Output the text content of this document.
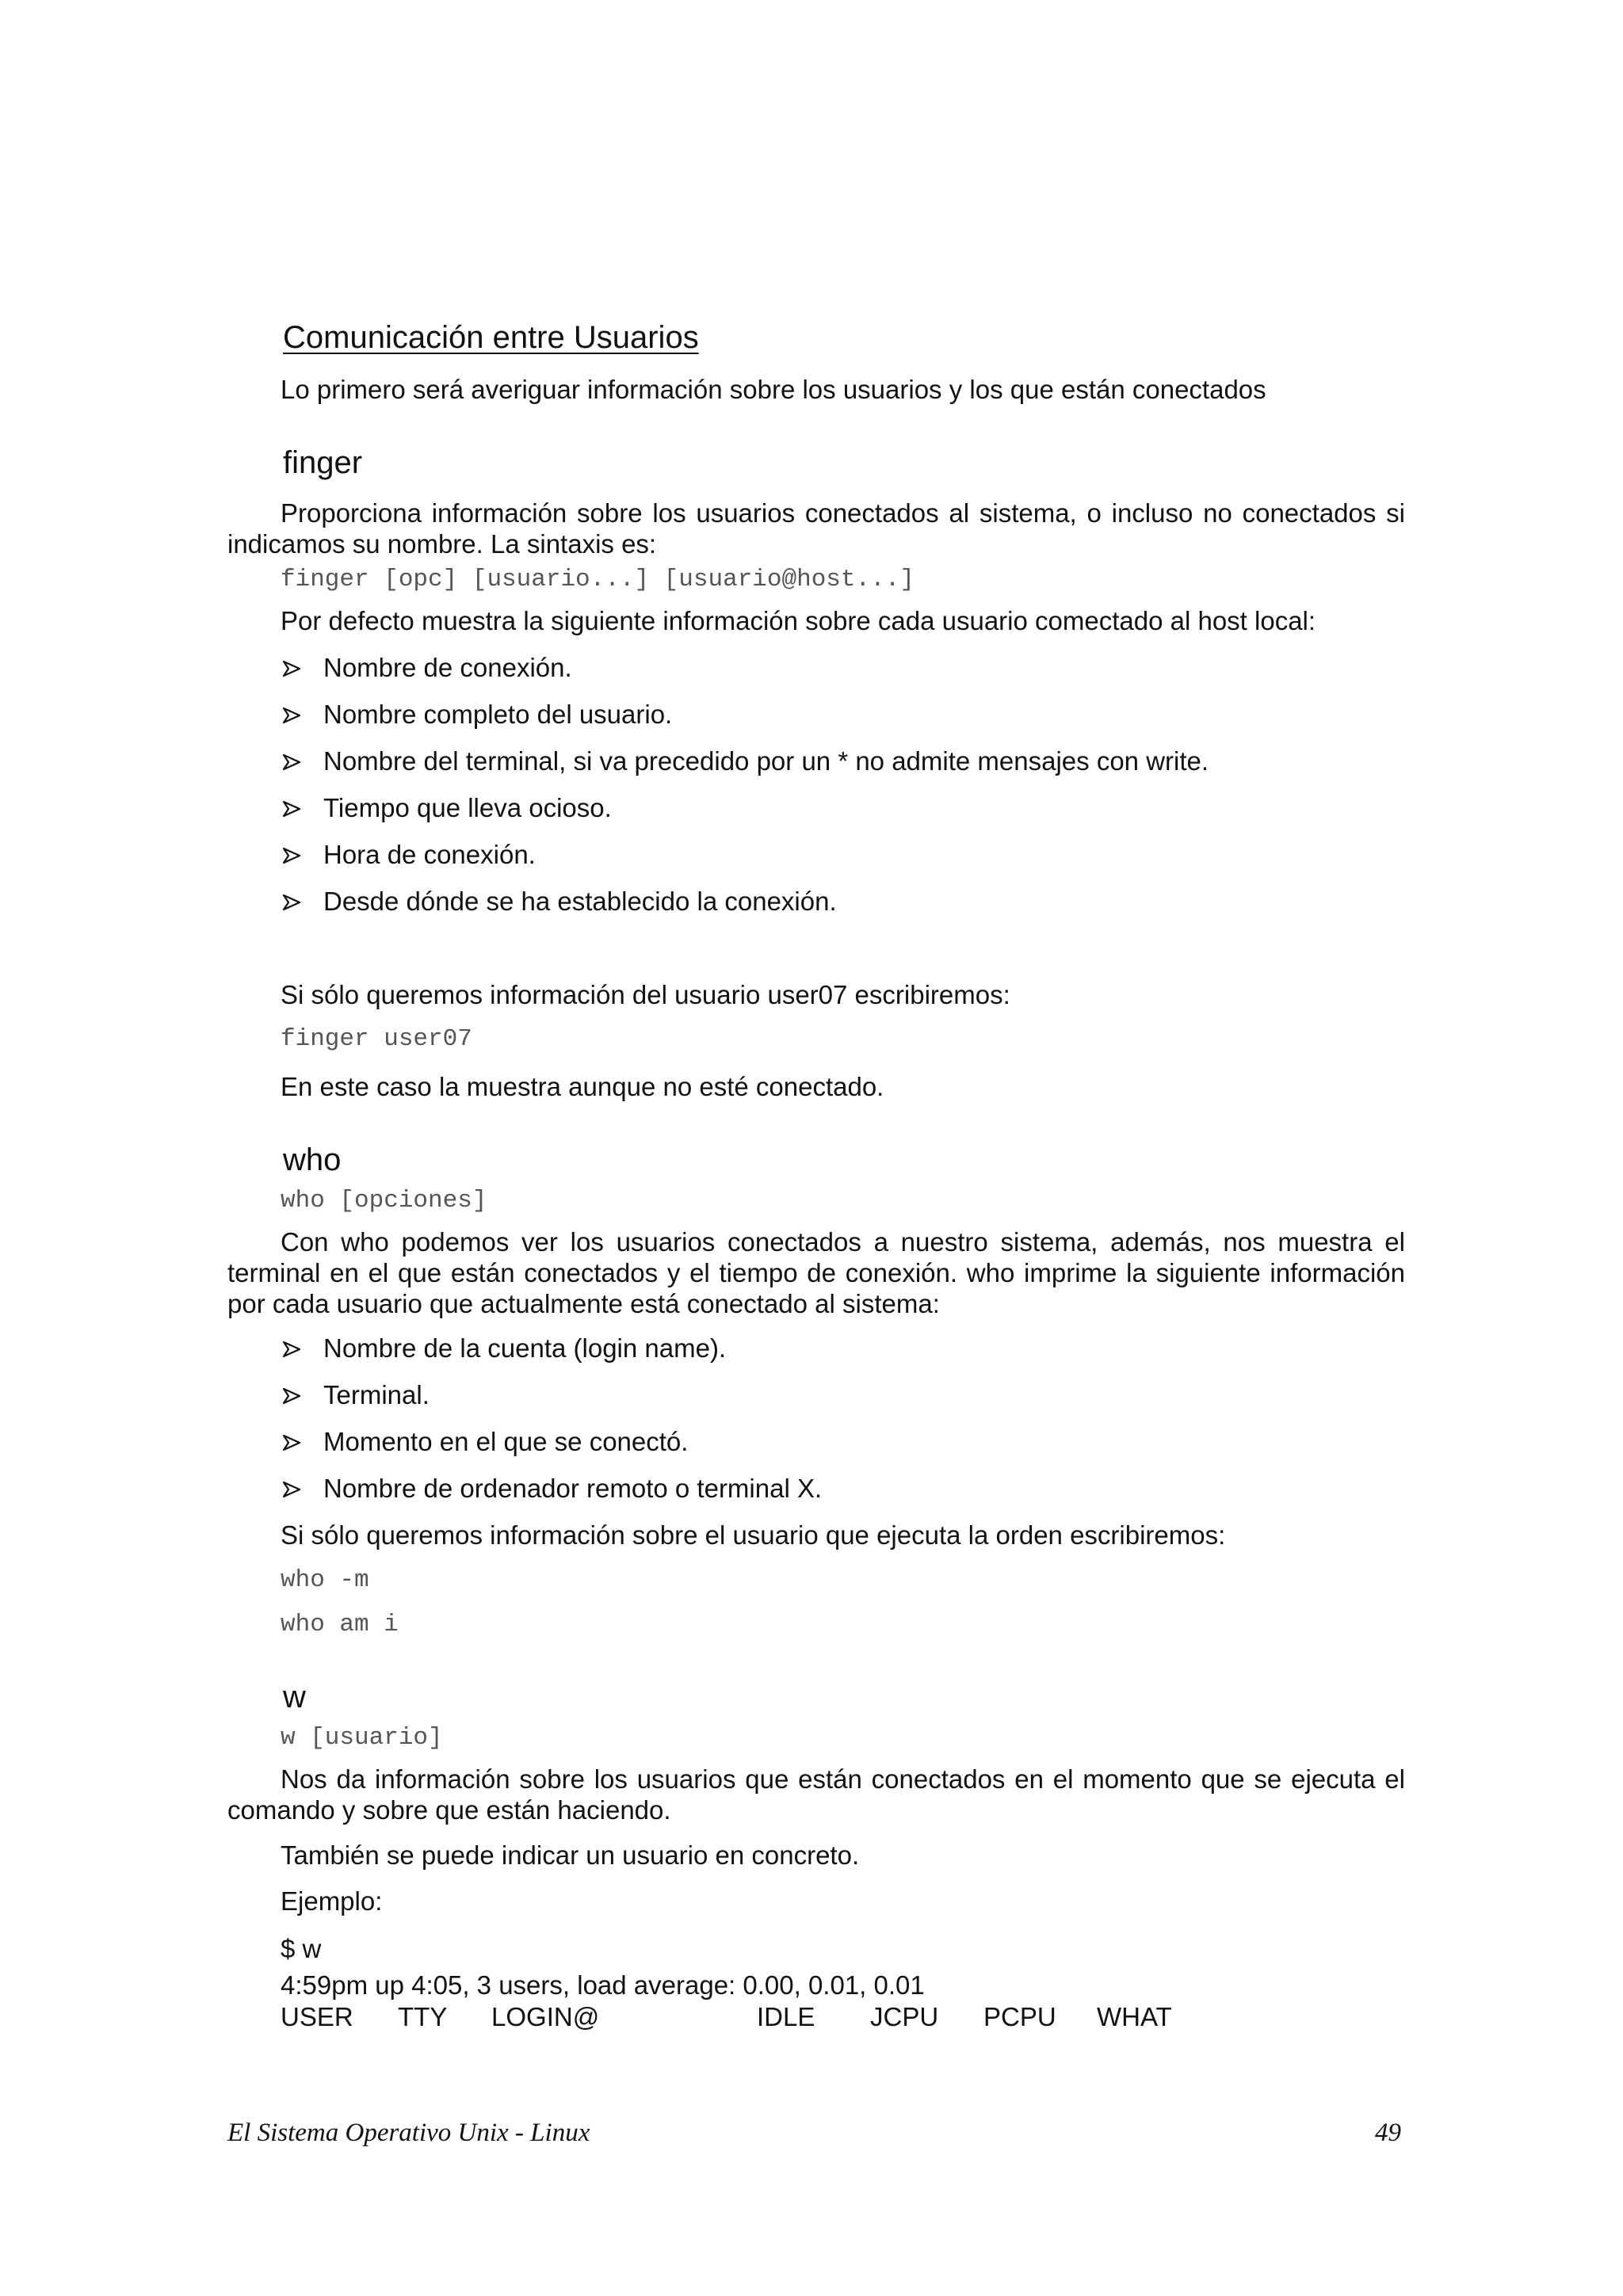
Comunicación entre Usuarios
Lo primero será averiguar información sobre los usuarios y los que están conectados
finger
Proporciona información sobre los usuarios conectados al sistema, o incluso no conectados si indicamos su nombre. La sintaxis es:
finger [opc] [usuario...] [usuario@host...]
Por defecto muestra la siguiente información sobre cada usuario comectado al host local:
Nombre de conexión.
Nombre completo del usuario.
Nombre del terminal, si va precedido por un * no admite mensajes con write.
Tiempo que lleva ocioso.
Hora de conexión.
Desde dónde se ha establecido la conexión.
Si sólo queremos información del usuario user07 escribiremos:
finger user07
En este caso la muestra aunque no esté conectado.
who
who [opciones]
Con who podemos ver los usuarios conectados a nuestro sistema, además, nos muestra el terminal en el que están conectados y el tiempo de conexión. who imprime la siguiente información por cada usuario que actualmente está conectado al sistema:
Nombre de la cuenta (login name).
Terminal.
Momento en el que se conectó.
Nombre de ordenador remoto o terminal X.
Si sólo queremos información sobre el usuario que ejecuta la orden escribiremos:
who -m
who am i
w
w [usuario]
Nos da información sobre los usuarios que están conectados en el momento que se ejecuta el comando y sobre que están haciendo.
También se puede indicar un usuario en concreto.
Ejemplo:
$ w
4:59pm up 4:05, 3 users, load average: 0.00, 0.01, 0.01
USER TTY LOGIN@	IDLE JCPU PCPU WHAT
El Sistema Operativo Unix - Linux	49
